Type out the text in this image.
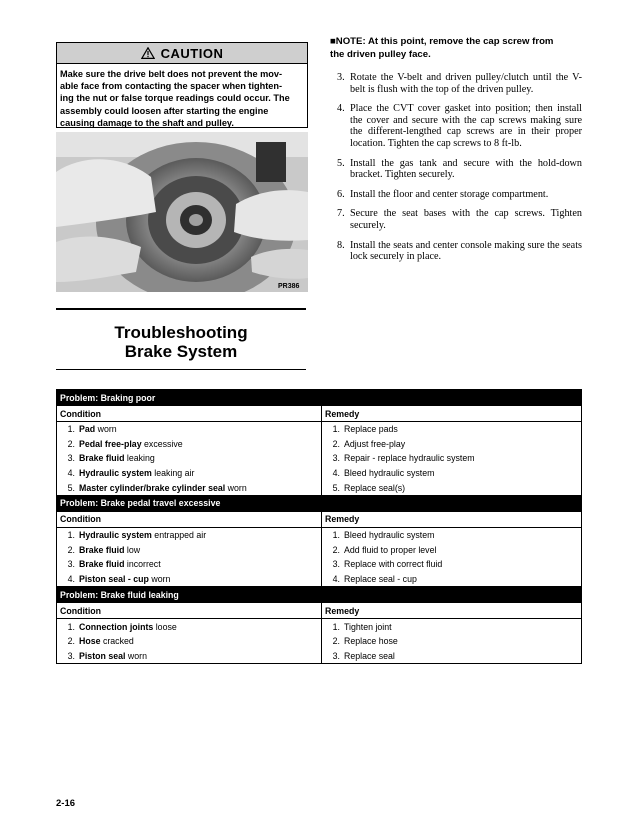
CAUTION
Make sure the drive belt does not prevent the mov-
able face from contacting the spacer when tighten-
ing the nut or false torque readings could occur. The
assembly could loosen after starting the engine
causing damage to the shaft and pulley.
PR386
■NOTE: At this point, remove the cap screw from
the driven pulley face.
3. Rotate the V-belt and driven pulley/clutch until the V-belt is flush with the top of the driven pulley.
4. Place the CVT cover gasket into position; then install the cover and secure with the cap screws making sure the different-lengthed cap screws are in their proper location. Tighten the cap screws to 8 ft-lb.
5. Install the gas tank and secure with the hold-down bracket. Tighten securely.
6. Install the floor and center storage compartment.
7. Secure the seat bases with the cap screws. Tighten securely.
8. Install the seats and center console making sure the seats lock securely in place.
Troubleshooting
Brake System
Problem: Braking poor	
Condition	Remedy
1. Pad worn	1. Replace pads
2. Pedal free-play excessive	2. Adjust free-play
3. Brake fluid leaking	3. Repair - replace hydraulic system
4. Hydraulic system leaking air	4. Bleed hydraulic system
5. Master cylinder/brake cylinder seal worn	5. Replace seal(s)
Problem: Brake pedal travel excessive	
Condition	Remedy
1. Hydraulic system entrapped air	1. Bleed hydraulic system
2. Brake fluid low	2. Add fluid to proper level
3. Brake fluid incorrect	3. Replace with correct fluid
4. Piston seal - cup worn	4. Replace seal - cup
Problem: Brake fluid leaking	
Condition	Remedy
1. Connection joints loose	1. Tighten joint
2. Hose cracked	2. Replace hose
3. Piston seal worn	3. Replace seal
2-16
